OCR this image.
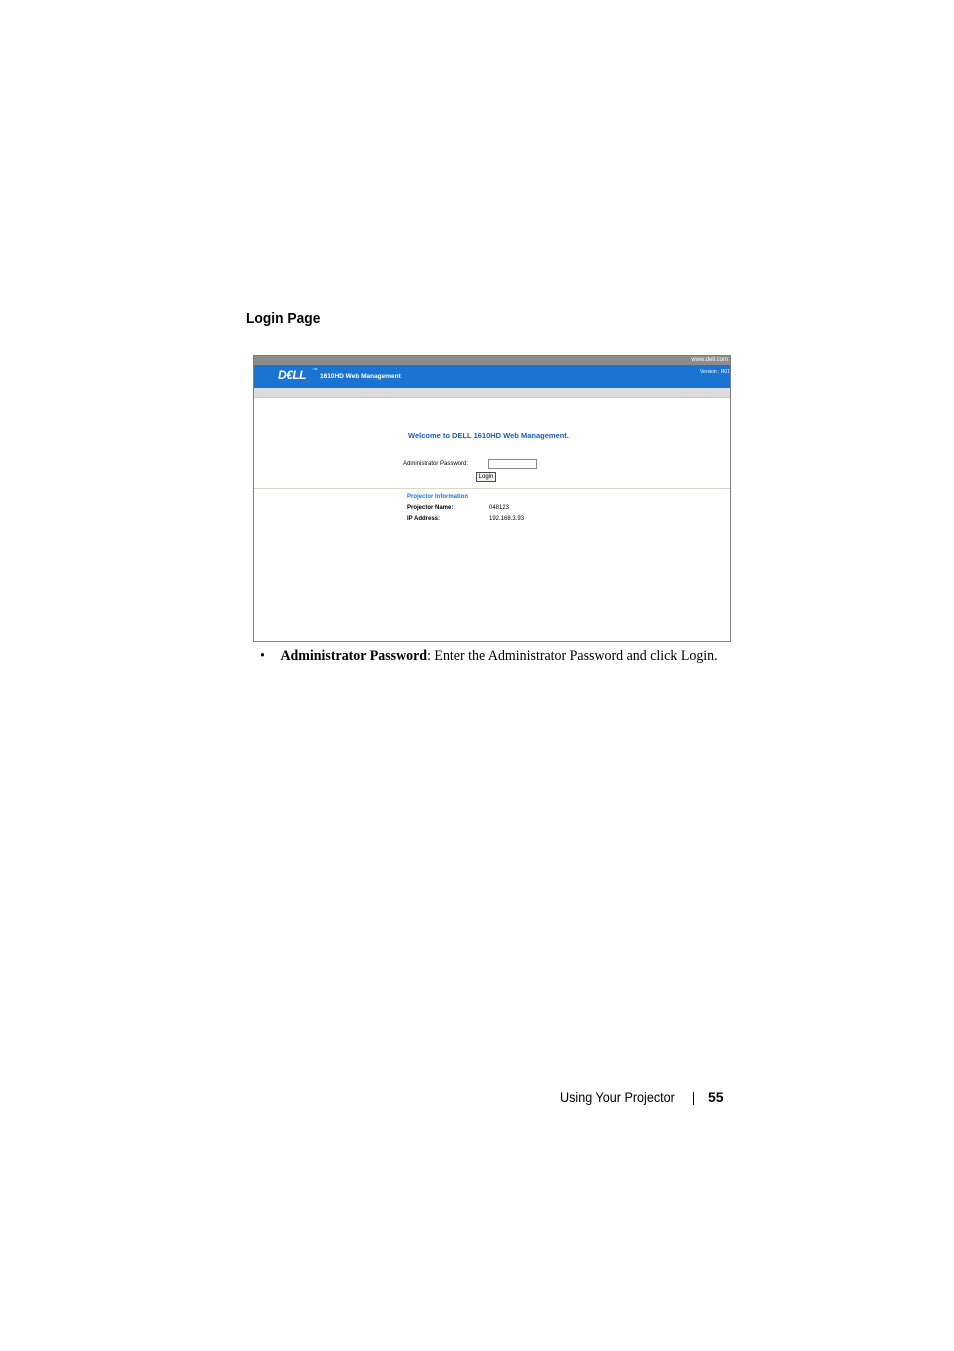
Login Page
www.dell.com
D€LL TM
1610HD Web Management
Version : R01
Welcome to DELL 1610HD Web Management.
Administrator Password:
Login
Projector Information
Projector Name:	048123
IP Address:	192.168.3.93
• Administrator Password: Enter the Administrator Password and click Login.
Using Your Projector 55
